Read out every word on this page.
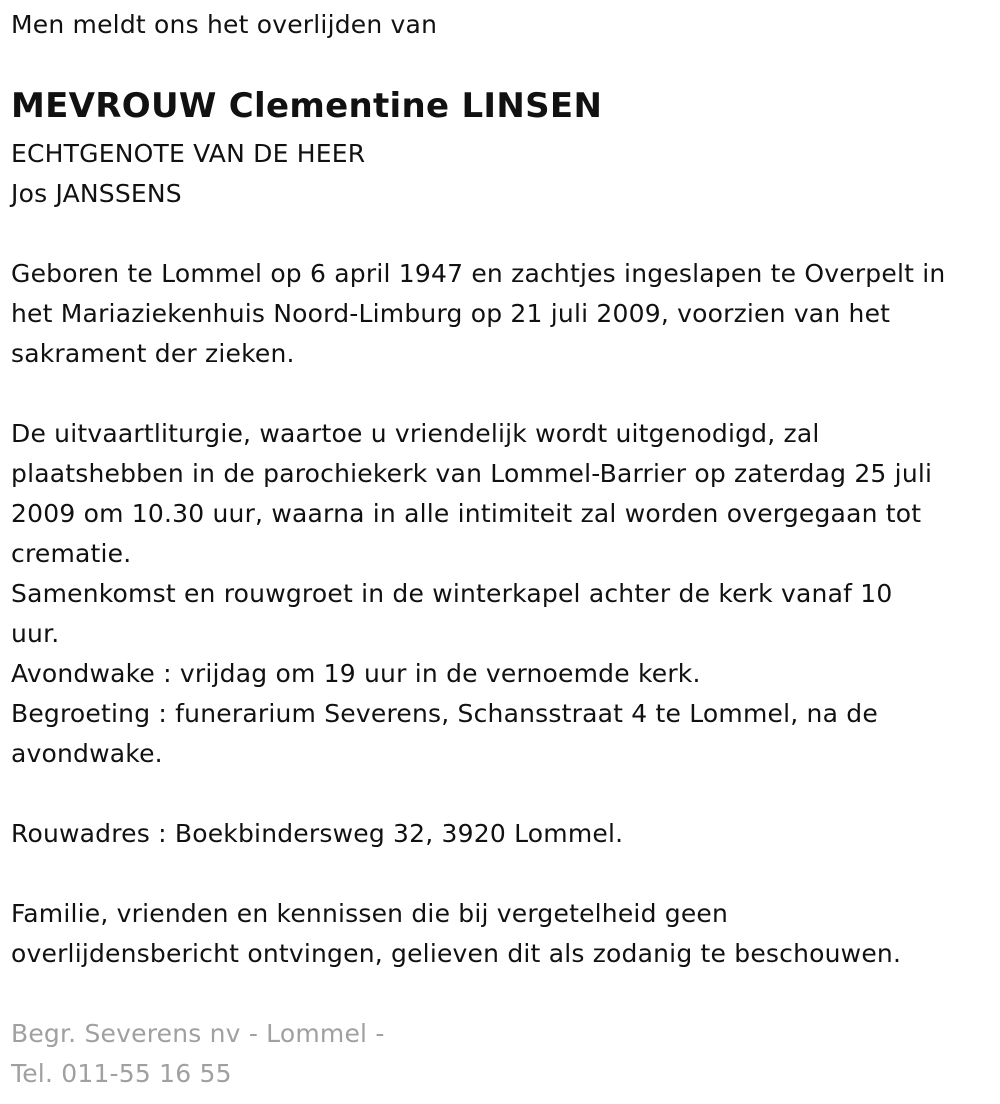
Men meldt ons het overlijden van
MEVROUW Clementine LINSEN
ECHTGENOTE VAN DE HEER
Jos JANSSENS
Geboren te Lommel op 6 april 1947 en zachtjes ingeslapen te Overpelt in
het Mariaziekenhuis Noord-Limburg op 21 juli 2009, voorzien van het
sakrament der zieken.
De uitvaartliturgie, waartoe u vriendelijk wordt uitgenodigd, zal
plaatshebben in de parochiekerk van Lommel-Barrier op zaterdag 25 juli
2009 om 10.30 uur, waarna in alle intimiteit zal worden overgegaan tot
crematie.
Samenkomst en rouwgroet in de winterkapel achter de kerk vanaf 10
uur.
Avondwake : vrijdag om 19 uur in de vernoemde kerk.
Begroeting : funerarium Severens, Schansstraat 4 te Lommel, na de
avondwake.
Rouwadres : Boekbindersweg 32, 3920 Lommel.
Familie, vrienden en kennissen die bij vergetelheid geen
overlijdensbericht ontvingen, gelieven dit als zodanig te beschouwen.
Begr. Severens nv - Lommel -
Tel. 011-55 16 55
